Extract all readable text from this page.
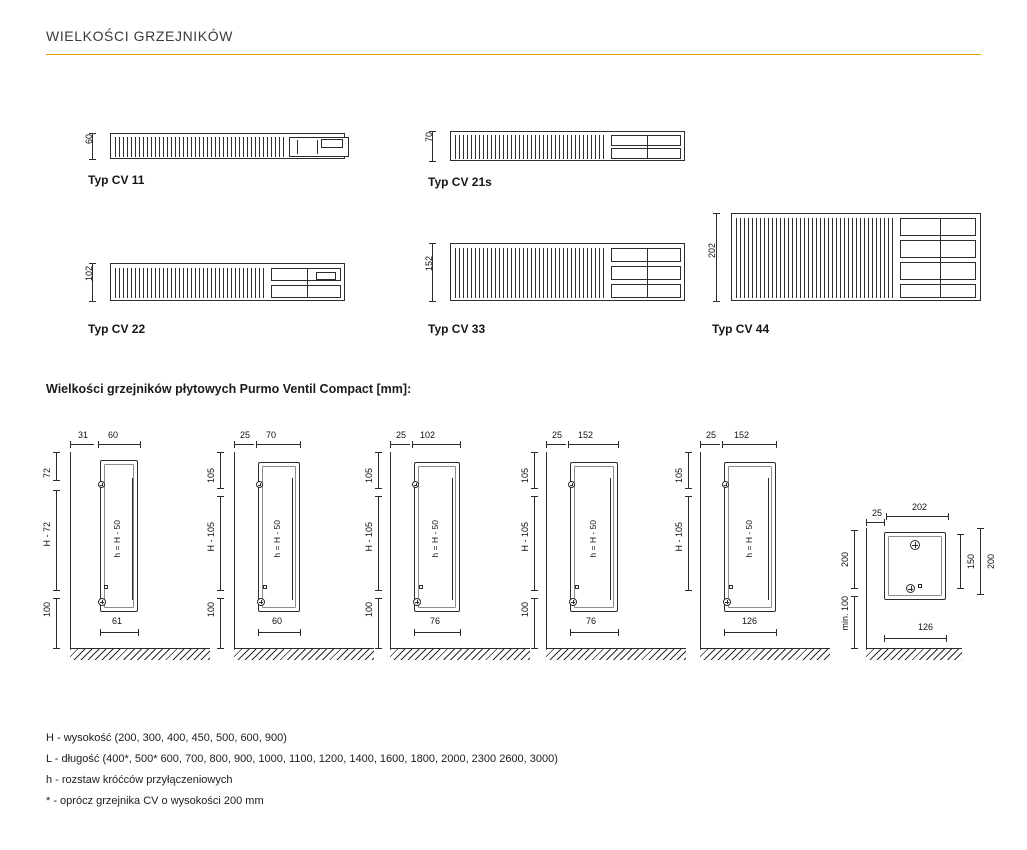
WIELKOŚCI GRZEJNIKÓW
60
Typ CV 11
70
Typ CV 21s
102
Typ CV 22
152
Typ CV 33
202
Typ CV 44
Wielkości grzejników płytowych Purmo Ventil Compact [mm]:
31 60
72
H - 72
100
h = H - 50
61
25 70
105
H - 105
100
h = H - 50
60
25 102
105
H - 105
100
h = H - 50
76
25 152
105
H - 105
100
h = H - 50
76
25 152
105
H - 105	h = H - 50
126
25
202
200
min. 100
150 200
126
H - wysokość (200, 300, 400, 450, 500, 600, 900)
L - długość (400*, 500* 600, 700, 800, 900, 1000, 1100, 1200, 1400, 1600, 1800, 2000, 2300 2600, 3000)
h - rozstaw króćców przyłączeniowych
* - oprócz grzejnika CV o wysokości 200 mm
